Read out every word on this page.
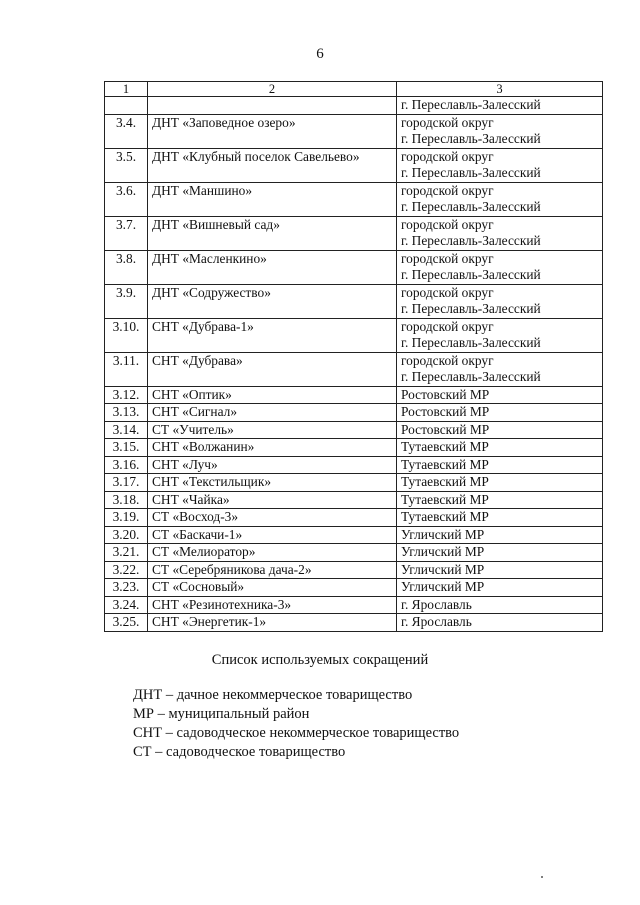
6
1	2	3

		г. Переславль-Залесский

3.4.	ДНТ «Заповедное озеро»	городской округ
г. Переславль-Залесский

3.5.	ДНТ «Клубный поселок Савельево»	городской округ
г. Переславль-Залесский

3.6.	ДНТ «Маншино»	городской округ
г. Переславль-Залесский

3.7.	ДНТ «Вишневый сад»	городской округ
г. Переславль-Залесский

3.8.	ДНТ «Масленкино»	городской округ
г. Переславль-Залесский

3.9.	ДНТ «Содружество»	городской округ
г. Переславль-Залесский

3.10.	СНТ «Дубрава-1»	городской округ
г. Переславль-Залесский

3.11.	СНТ «Дубрава»	городской округ
г. Переславль-Залесский

3.12.	СНТ «Оптик»	Ростовский МР

3.13.	СНТ «Сигнал»	Ростовский МР

3.14.	СТ «Учитель»	Ростовский МР

3.15.	СНТ «Волжанин»	Тутаевский МР

3.16.	СНТ «Луч»	Тутаевский МР

3.17.	СНТ «Текстильщик»	Тутаевский МР

3.18.	СНТ «Чайка»	Тутаевский МР

3.19.	СТ «Восход-3»	Тутаевский МР

3.20.	СТ «Баскачи-1»	Угличский МР

3.21.	СТ «Мелиоратор»	Угличский МР

3.22.	СТ «Серебряникова дача-2»	Угличский МР

3.23.	СТ «Сосновый»	Угличский МР

3.24.	СНТ «Резинотехника-3»	г. Ярославль

3.25.	СНТ «Энергетик-1»	г. Ярославль
Список используемых сокращений
ДНТ – дачное некоммерческое товарищество
МР – муниципальный район
СНТ – садоводческое некоммерческое товарищество
СТ – садоводческое товарищество
